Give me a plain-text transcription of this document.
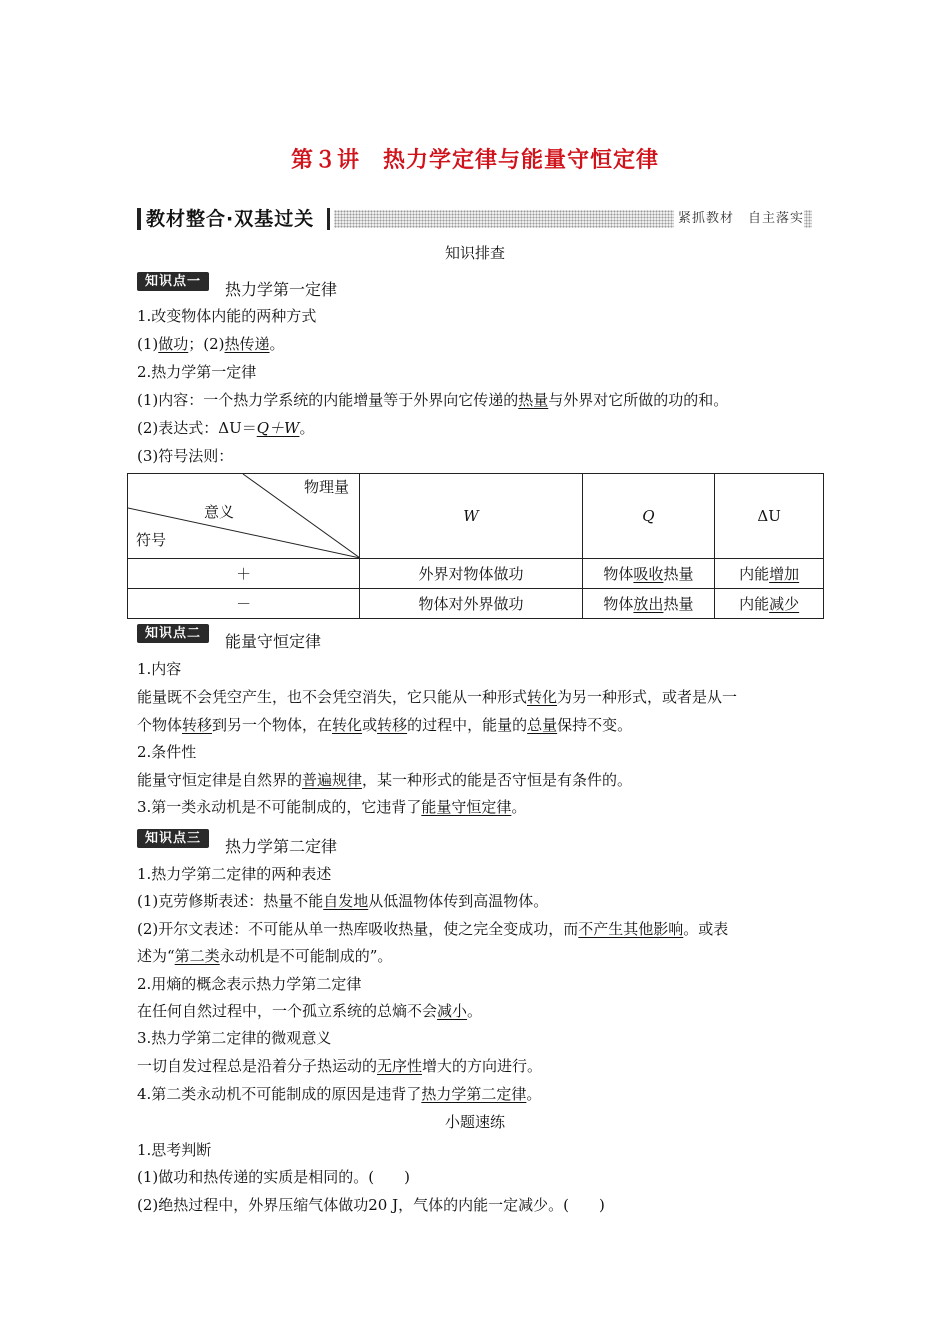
第３讲　热力学定律与能量守恒定律
教材整合·双基过关	紧抓教材　自主落实
知识排查
知识点一	热力学第一定律
1.改变物体内能的两种方式
(1)做功；(2)热传递。
2.热力学第一定律
(1)内容：一个热力学系统的内能增量等于外界向它传递的热量与外界对它所做的功的和。
(2)表达式：ΔU＝Q＋W。
(3)符号法则：
物理量
意义
符号	W	Q	ΔU
＋	外界对物体做功	物体吸收热量	内能增加
－	物体对外界做功	物体放出热量	内能减少
知识点二	能量守恒定律
1.内容
能量既不会凭空产生，也不会凭空消失，它只能从一种形式转化为另一种形式，或者是从一
个物体转移到另一个物体，在转化或转移的过程中，能量的总量保持不变。
2.条件性
能量守恒定律是自然界的普遍规律，某一种形式的能是否守恒是有条件的。
3.第一类永动机是不可能制成的，它违背了能量守恒定律。
知识点三	热力学第二定律
1.热力学第二定律的两种表述
(1)克劳修斯表述：热量不能自发地从低温物体传到高温物体。
(2)开尔文表述：不可能从单一热库吸收热量，使之完全变成功，而不产生其他影响。或表
述为“第二类永动机是不可能制成的”。
2.用熵的概念表示热力学第二定律
在任何自然过程中，一个孤立系统的总熵不会减小。
3.热力学第二定律的微观意义
一切自发过程总是沿着分子热运动的无序性增大的方向进行。
4.第二类永动机不可能制成的原因是违背了热力学第二定律。
小题速练
1.思考判断
(1)做功和热传递的实质是相同的。(　　)
(2)绝热过程中，外界压缩气体做功20 J，气体的内能一定减少。(　　)
